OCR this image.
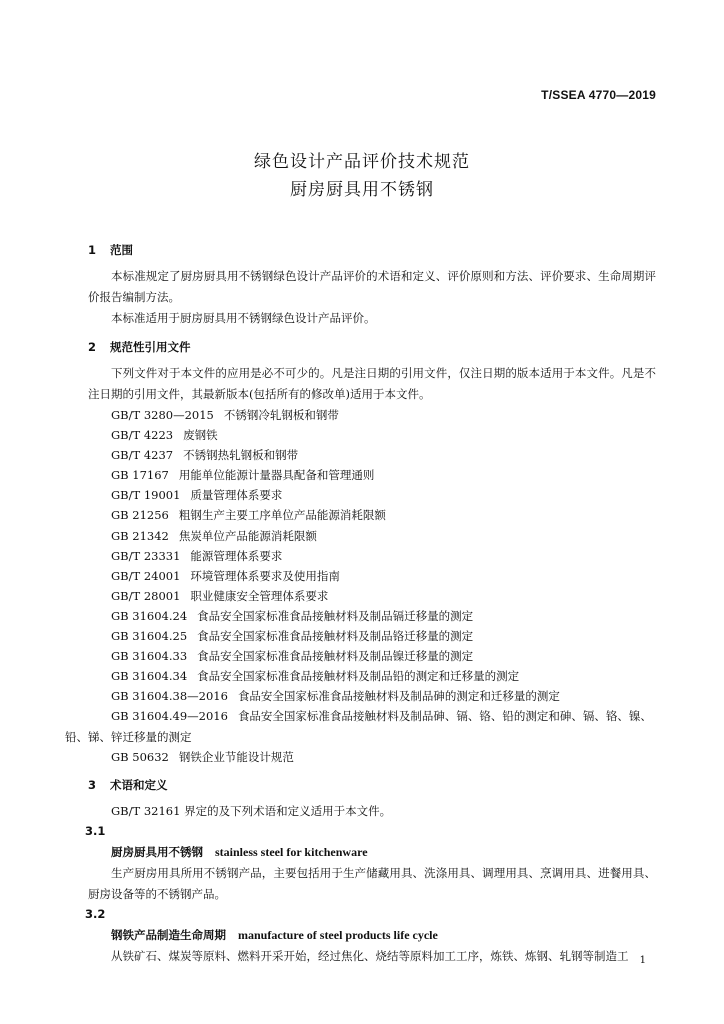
T/SSEA 4770—2019
绿色设计产品评价技术规范
厨房厨具用不锈钢
1 范围
本标准规定了厨房厨具用不锈钢绿色设计产品评价的术语和定义、评价原则和方法、评价要求、生命周期评价报告编制方法。
本标准适用于厨房厨具用不锈钢绿色设计产品评价。
2 规范性引用文件
下列文件对于本文件的应用是必不可少的。凡是注日期的引用文件，仅注日期的版本适用于本文件。凡是不注日期的引用文件，其最新版本(包括所有的修改单)适用于本文件。
GB/T 3280—2015 不锈钢冷轧钢板和钢带
GB/T 4223 废钢铁
GB/T 4237 不锈钢热轧钢板和钢带
GB 17167 用能单位能源计量器具配备和管理通则
GB/T 19001 质量管理体系要求
GB 21256 粗钢生产主要工序单位产品能源消耗限额
GB 21342 焦炭单位产品能源消耗限额
GB/T 23331 能源管理体系要求
GB/T 24001 环境管理体系要求及使用指南
GB/T 28001 职业健康安全管理体系要求
GB 31604.24 食品安全国家标准食品接触材料及制品镉迁移量的测定
GB 31604.25 食品安全国家标准食品接触材料及制品铬迁移量的测定
GB 31604.33 食品安全国家标准食品接触材料及制品镍迁移量的测定
GB 31604.34 食品安全国家标准食品接触材料及制品铅的测定和迁移量的测定
GB 31604.38—2016 食品安全国家标准食品接触材料及制品砷的测定和迁移量的测定
GB 31604.49—2016 食品安全国家标准食品接触材料及制品砷、镉、铬、铅的测定和砷、镉、铬、镍、
铅、锑、锌迁移量的测定
GB 50632 钢铁企业节能设计规范
3 术语和定义
GB/T 32161 界定的及下列术语和定义适用于本文件。
3.1
厨房厨具用不锈钢 stainless steel for kitchenware
生产厨房用具所用不锈钢产品，主要包括用于生产储藏用具、洗涤用具、调理用具、烹调用具、进餐用具、厨房设备等的不锈钢产品。
3.2
钢铁产品制造生命周期 manufacture of steel products life cycle
从铁矿石、煤炭等原料、燃料开采开始，经过焦化、烧结等原料加工工序，炼铁、炼钢、轧钢等制造工	1
